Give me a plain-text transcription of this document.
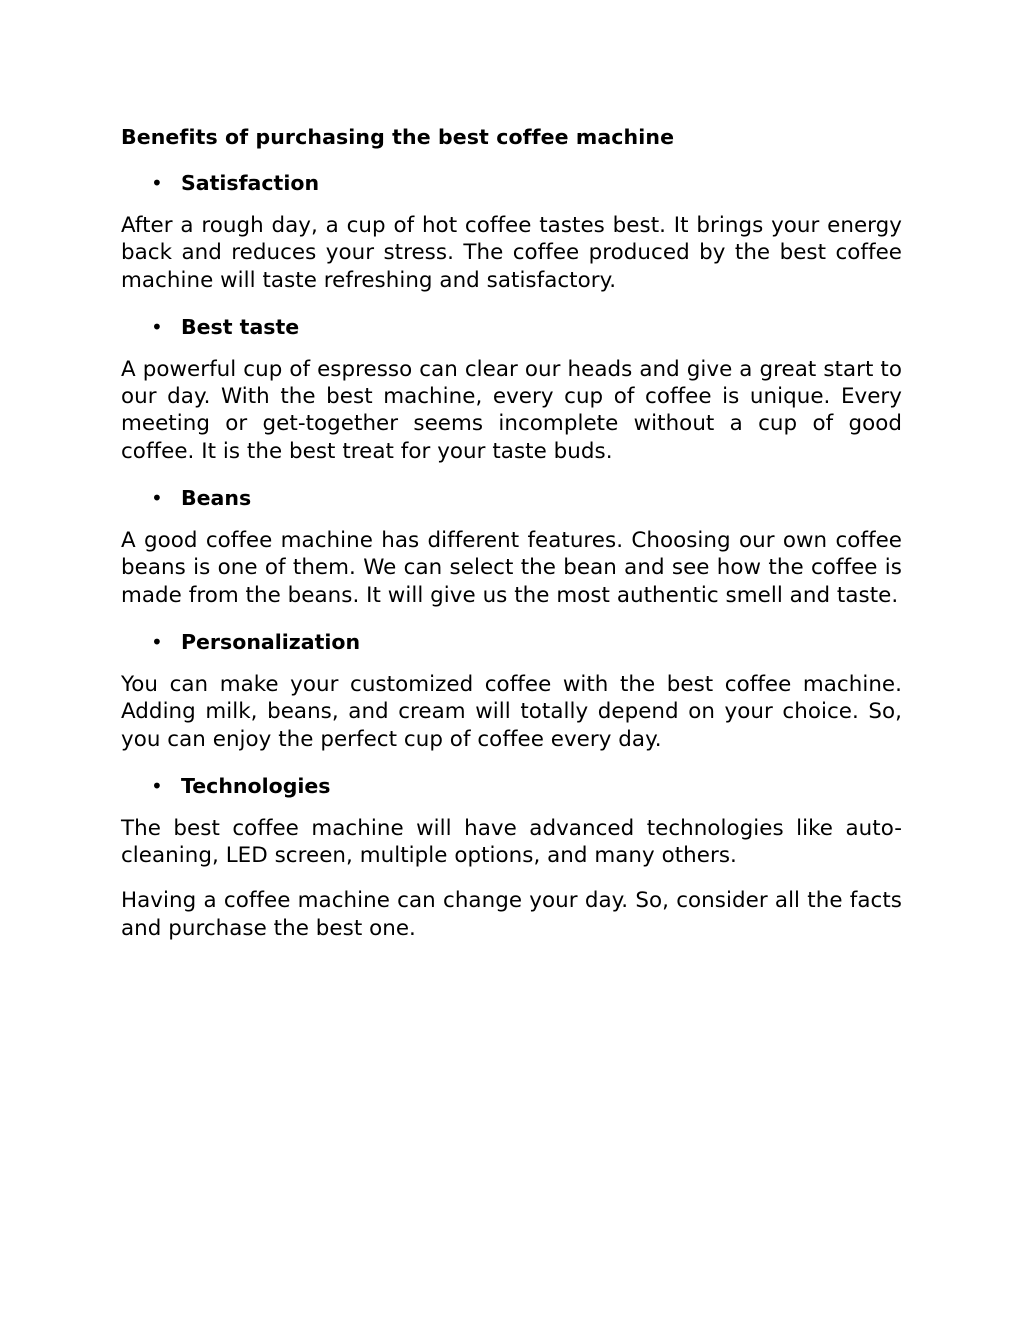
Benefits of purchasing the best coffee machine
• Satisfaction

After a rough day, a cup of hot coffee tastes best. It brings your energy back and reduces your stress. The coffee produced by the best coffee machine will taste refreshing and satisfactory.

• Best taste

A powerful cup of espresso can clear our heads and give a great start to our day. With the best machine, every cup of coffee is unique. Every meeting or get-together seems incomplete without a cup of good coffee. It is the best treat for your taste buds.

• Beans

A good coffee machine has different features. Choosing our own coffee beans is one of them. We can select the bean and see how the coffee is made from the beans. It will give us the most authentic smell and taste.

• Personalization

You can make your customized coffee with the best coffee machine. Adding milk, beans, and cream will totally depend on your choice. So, you can enjoy the perfect cup of coffee every day.

• Technologies

The best coffee machine will have advanced technologies like auto-cleaning, LED screen, multiple options, and many others.

Having a coffee machine can change your day. So, consider all the facts and purchase the best one.
